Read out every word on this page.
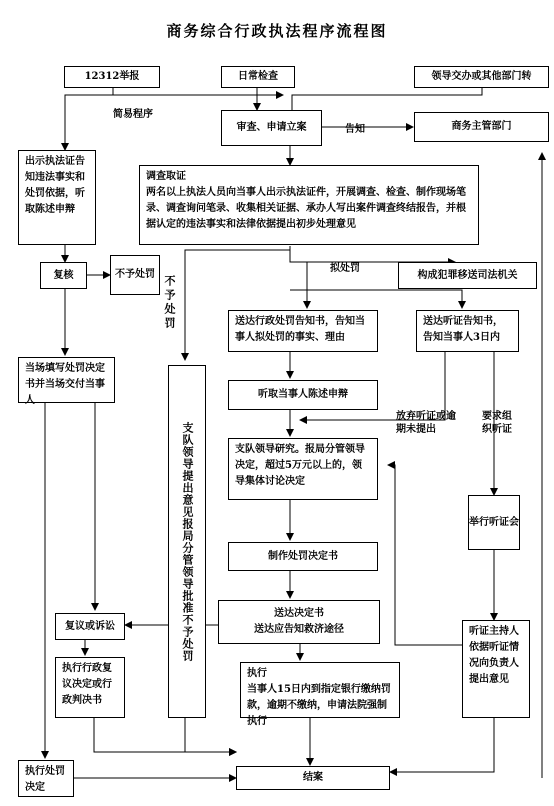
商务综合行政执法程序流程图
12312举报	日常检查	领导交办或其他部门转
简易程序
审查、申请立案	告知	商务主管部门
出示执法证告知违法事实和处罚依据，听取陈述申辩
调查取证
两名以上执法人员向当事人出示执法证件，开展调查、检查、制作现场笔录、调查询问笔录、收集相关证据、承办人写出案件调查终结报告，并根据认定的违法事实和法律依据提出初步处理意见
复核	不予处罚
拟处罚
构成犯罪移送司法机关
不予处罚	送达行政处罚告知书，告知当事人拟处罚的事实、理由
送达听证告知书，告知当事人3日内
当场填写处罚决定书并当场交付当事人
支队领导提出意见报局分管领导批准不予处罚
听取当事人陈述申辩
放弃听证或逾期未提出
要求组织听证
支队领导研究。报局分管领导决定，超过5万元以上的，领导集体讨论决定
举行听证会
制作处罚决定书
送达决定书
送达应告知救济途径
复议或诉讼	听证主持人依据听证情况向负责人提出意见
执行
当事人15日内到指定银行缴纳罚款，逾期不缴纳，申请法院强制执行
执行行政复议决定或行政判决书
结案
执行处罚决定
